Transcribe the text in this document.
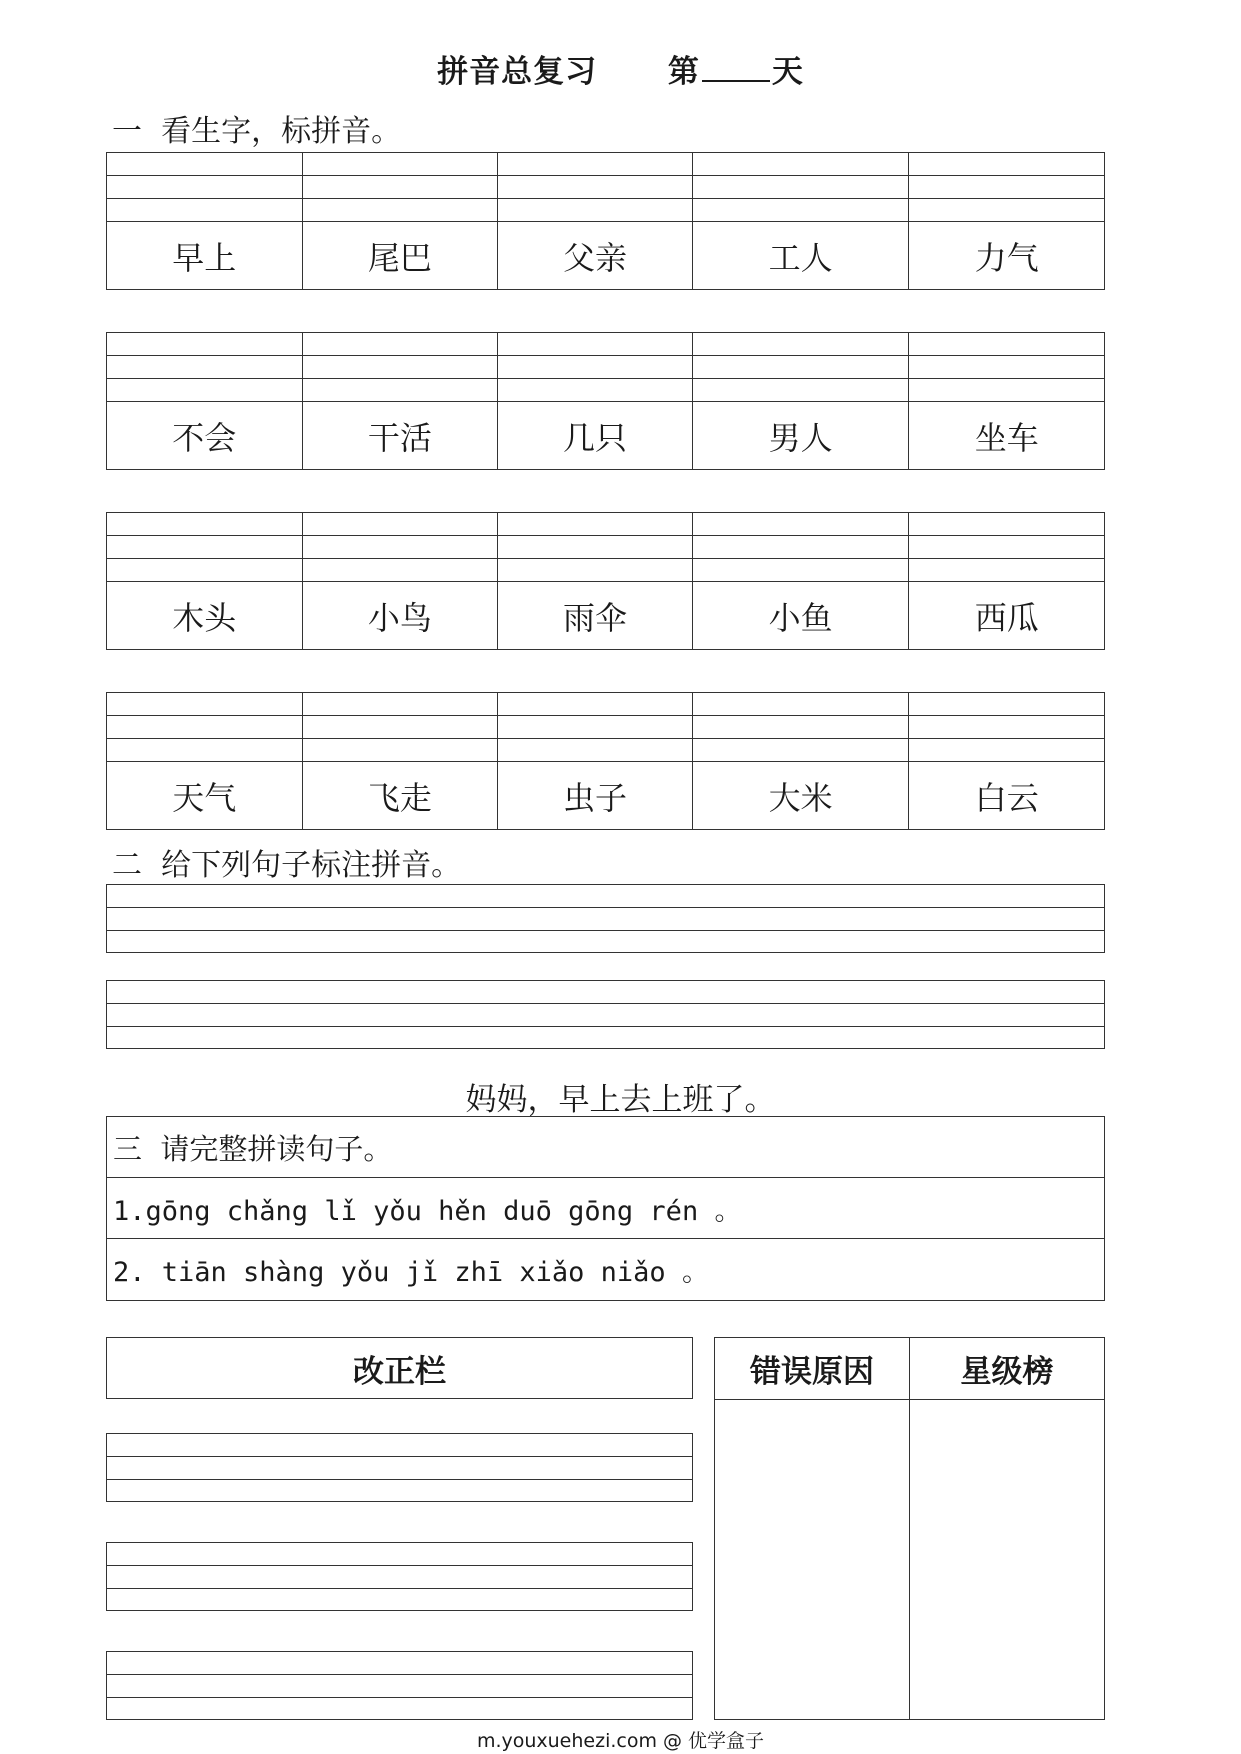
拼音总复习 第 天
一  看生字，标拼音。
早上	尾巴	父亲	工人	力气
不会	干活	几只	男人	坐车
木头	小鸟	雨伞	小鱼	西瓜
天气	飞走	虫子	大米	白云
二  给下列句子标注拼音。
妈妈，早上去上班了。
三  请完整拼读句子。
1.gōng chǎng lǐ yǒu hěn duō gōng rén 。
2. tiān shàng yǒu jǐ zhī xiǎo niǎo 。
改正栏	错误原因	星级榜
m.youxuehezi.com @ 优学盒子
